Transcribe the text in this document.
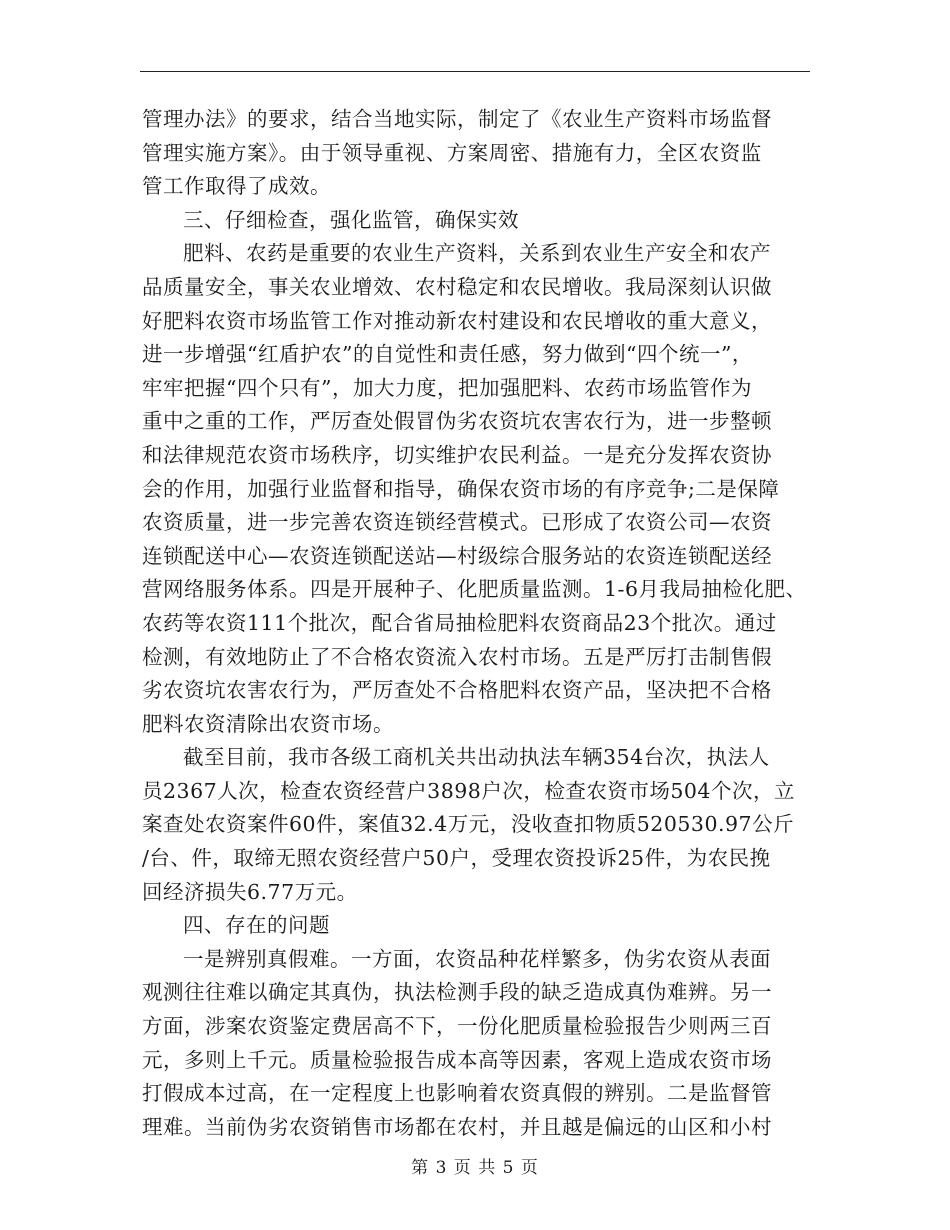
管理办法》的要求，结合当地实际，制定了《农业生产资料市场监督
管理实施方案》。由于领导重视、方案周密、措施有力，全区农资监
管工作取得了成效。
三、仔细检查，强化监管，确保实效
肥料、农药是重要的农业生产资料，关系到农业生产安全和农产
品质量安全，事关农业增效、农村稳定和农民增收。我局深刻认识做
好肥料农资市场监管工作对推动新农村建设和农民增收的重大意义，
进一步增强“红盾护农”的自觉性和责任感，努力做到“四个统一”，
牢牢把握“四个只有”，加大力度，把加强肥料、农药市场监管作为
重中之重的工作，严厉查处假冒伪劣农资坑农害农行为，进一步整顿
和法律规范农资市场秩序，切实维护农民利益。一是充分发挥农资协
会的作用，加强行业监督和指导，确保农资市场的有序竞争;二是保障
农资质量，进一步完善农资连锁经营模式。已形成了农资公司—农资
连锁配送中心—农资连锁配送站—村级综合服务站的农资连锁配送经
营网络服务体系。四是开展种子、化肥质量监测。1-6月我局抽检化肥、
农药等农资111个批次，配合省局抽检肥料农资商品23个批次。通过
检测，有效地防止了不合格农资流入农村市场。五是严厉打击制售假
劣农资坑农害农行为，严厉查处不合格肥料农资产品，坚决把不合格
肥料农资清除出农资市场。
截至目前，我市各级工商机关共出动执法车辆354台次，执法人
员2367人次，检查农资经营户3898户次，检查农资市场504个次，立
案查处农资案件60件，案值32.4万元，没收查扣物质520530.97公斤
/台、件，取缔无照农资经营户50户，受理农资投诉25件，为农民挽
回经济损失6.77万元。
四、存在的问题
一是辨别真假难。一方面，农资品种花样繁多，伪劣农资从表面
观测往往难以确定其真伪，执法检测手段的缺乏造成真伪难辨。另一
方面，涉案农资鉴定费居高不下，一份化肥质量检验报告少则两三百
元，多则上千元。质量检验报告成本高等因素，客观上造成农资市场
打假成本过高，在一定程度上也影响着农资真假的辨别。二是监督管
理难。当前伪劣农资销售市场都在农村，并且越是偏远的山区和小村
第 3 页 共 5 页
